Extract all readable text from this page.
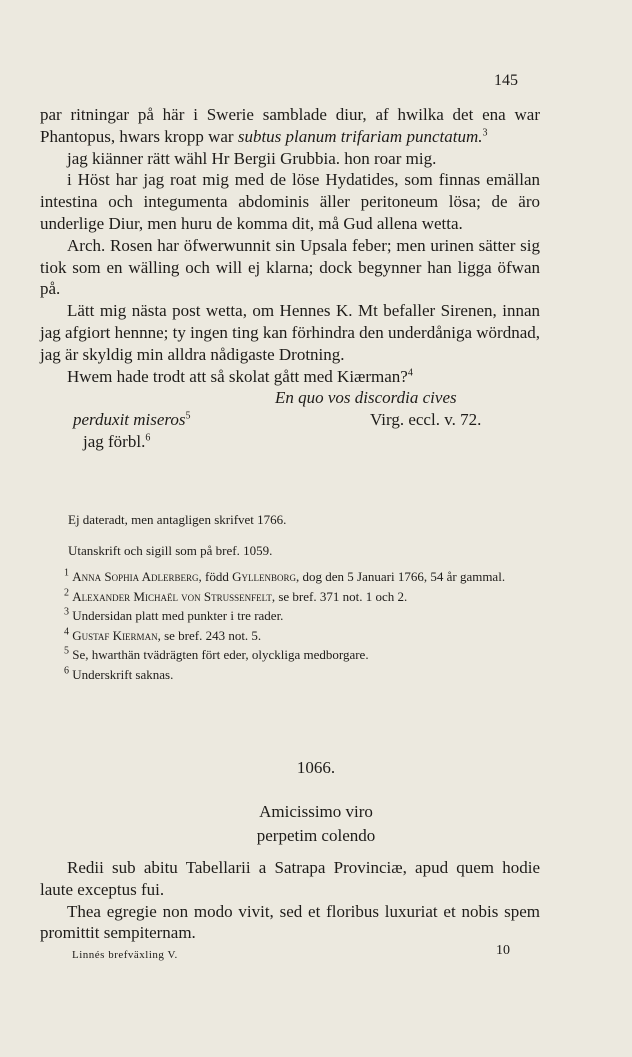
145

par ritningar på här i Swerie samblade diur, af hwilka det ena war Phantopus, hwars kropp war subtus planum trifariam punctatum.$^3$

jag kiänner rätt wähl Hr Bergii Grubbia. hon roar mig.

i Höst har jag roat mig med de löse Hydatides, som finnas emällan intestina och integumenta abdominis äller peritoneum lösa; de äro underlige Diur, men huru de komma dit, må Gud allena wetta.

Arch. Rosen har öfwerwunnit sin Upsala feber; men urinen sätter sig tiok som en wälling och will ej klarna; dock begynner han ligga öfwan på.

Lätt mig nästa post wetta, om Hennes K. Mt befaller Sirenen, innan jag afgiort hennne; ty ingen ting kan förhindra den underdåniga wördnad, jag är skyldig min alldra nådigaste Drotning.

Hwem hade trodt att så skolat gått med Kiærman?$^4$

En quo vos discordia cives
perduxit miseros$^5$	Virg. eccl. v. 72.
jag förbl.$^6$

Ej dateradt, men antagligen skrifvet 1766.

Utanskrift och sigill som på bref. 1059.

$^1$ Anna Sophia Adlerberg, född Gyllenborg, dog den 5 Januari 1766, 54 år gammal.

$^2$ Alexander Michaël von Strussenfelt, se bref. 371 not. 1 och 2.

$^3$ Undersidan platt med punkter i tre rader.

$^4$ Gustaf Kierman, se bref. 243 not. 5.

$^5$ Se, hwarthän tvädrägten fört eder, olyckliga medborgare.

$^6$ Underskrift saknas.

1066.
Amicissimo viro
perpetim colendo

Redii sub abitu Tabellarii a Satrapa Provinciæ, apud quem hodie laute exceptus fui.

Thea egregie non modo vivit, sed et floribus luxuriat et nobis spem promittit sempiternam.

Linnés brefväxling V.	10
